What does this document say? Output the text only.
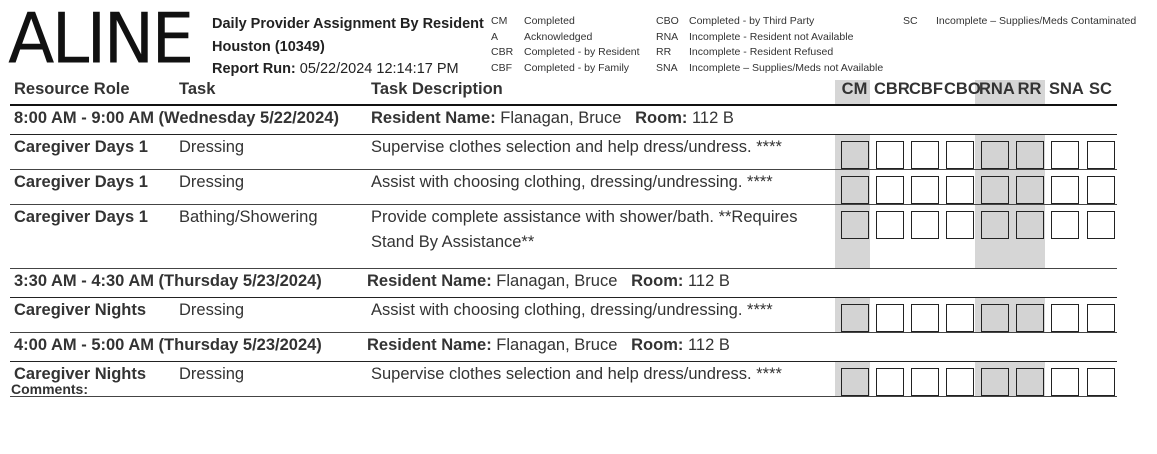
ALINE	Daily Provider Assignment By Resident
Houston (10349)
Report Run: 05/22/2024 12:14:17 PM
CM Completed
A Acknowledged
CBR Completed - by Resident
CBF Completed - by Family
CBO Completed - by Third Party
RNA Incomplete - Resident not Available
RR Incomplete - Resident Refused
SNA Incomplete – Supplies/Meds not Available
SC Incomplete – Supplies/Meds Contaminated
Resource Role	Task	Task Description	CM	CBR	CBF	CBO	RNA	RR	SNA	SC
8:00 AM - 9:00 AM (Wednesday 5/22/2024)		Resident Name: Flanagan, Bruce Room: 112 B								
Caregiver Days 1	Dressing	Supervise clothes selection and help dress/undress. ****	

Caregiver Days 1	Dressing	Assist with choosing clothing, dressing/undressing. ****	

Caregiver Days 1	Bathing/Showering	Provide complete assistance with shower/bath. **Requires Stand By Assistance**	

3:30 AM - 4:30 AM (Thursday 5/23/2024)		Resident Name: Flanagan, Bruce Room: 112 B								
Caregiver Nights	Dressing	Assist with choosing clothing, dressing/undressing. ****	

4:00 AM - 5:00 AM (Thursday 5/23/2024)		Resident Name: Flanagan, Bruce Room: 112 B								
Caregiver Nights	Dressing	Supervise clothes selection and help dress/undress. ****	

Comments:
